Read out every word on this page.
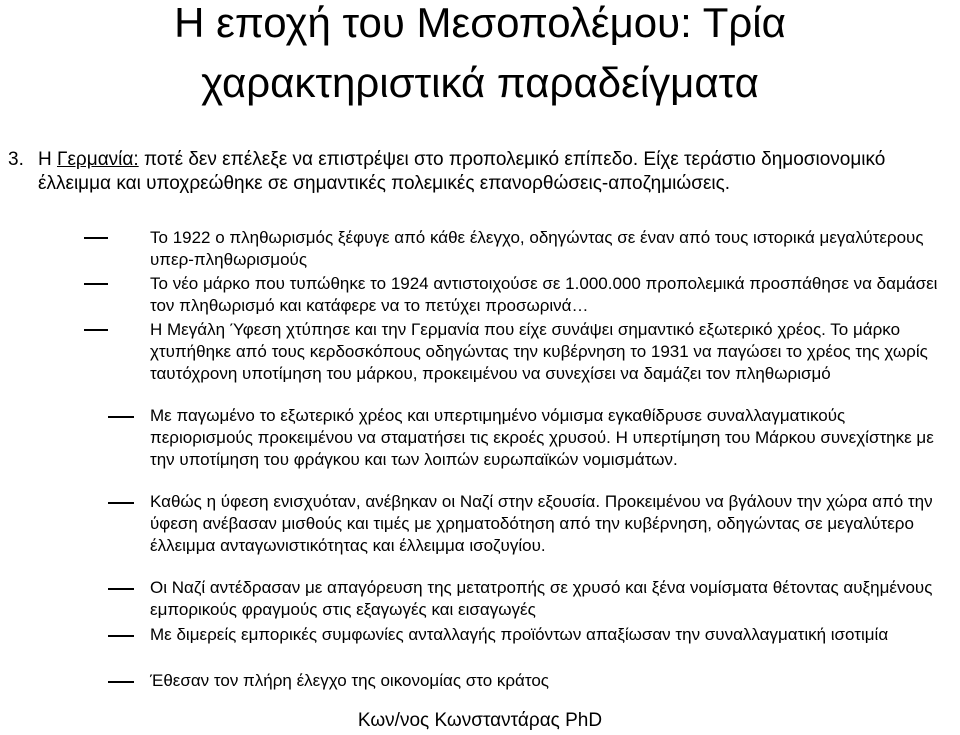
Η εποχή του Μεσοπολέμου: Τρία
χαρακτηριστικά παραδείγματα
3. Η Γερμανία: ποτέ δεν επέλεξε να επιστρέψει στο προπολεμικό επίπεδο. Είχε τεράστιο δημοσιονομικό έλλειμμα και υποχρεώθηκε σε σημαντικές πολεμικές επανορθώσεις-αποζημιώσεις.
Το 1922 ο πληθωρισμός ξέφυγε από κάθε έλεγχο, οδηγώντας σε έναν από τους ιστορικά μεγαλύτερους υπερ-πληθωρισμούς
Το νέο μάρκο που τυπώθηκε το 1924 αντιστοιχούσε σε 1.000.000 προπολεμικά προσπάθησε να δαμάσει τον πληθωρισμό και κατάφερε να το πετύχει προσωρινά…
Η Μεγάλη Ύφεση χτύπησε και την Γερμανία που είχε συνάψει σημαντικό εξωτερικό χρέος. Το μάρκο χτυπήθηκε από τους κερδοσκόπους οδηγώντας την κυβέρνηση το 1931 να παγώσει το χρέος της χωρίς ταυτόχρονη υποτίμηση του μάρκου, προκειμένου να συνεχίσει να δαμάζει τον πληθωρισμό
Με παγωμένο το εξωτερικό χρέος και υπερτιμημένο νόμισμα εγκαθίδρυσε συναλλαγματικούς περιορισμούς προκειμένου να σταματήσει τις εκροές χρυσού. Η υπερτίμηση του Μάρκου συνεχίστηκε με την υποτίμηση του φράγκου και των λοιπών ευρωπαϊκών νομισμάτων.
Καθώς η ύφεση ενισχυόταν, ανέβηκαν οι Ναζί στην εξουσία. Προκειμένου να βγάλουν την χώρα από την ύφεση ανέβασαν μισθούς και τιμές με χρηματοδότηση από την κυβέρνηση, οδηγώντας σε μεγαλύτερο έλλειμμα ανταγωνιστικότητας και έλλειμμα ισοζυγίου.
Οι Ναζί αντέδρασαν με απαγόρευση της μετατροπής σε χρυσό και ξένα νομίσματα θέτοντας αυξημένους εμπορικούς φραγμούς στις εξαγωγές και εισαγωγές
Με διμερείς εμπορικές συμφωνίες ανταλλαγής προϊόντων απαξίωσαν την συναλλαγματική ισοτιμία
Έθεσαν τον πλήρη έλεγχο της οικονομίας στο κράτος
Κων/νος Κωνσταντάρας PhD
